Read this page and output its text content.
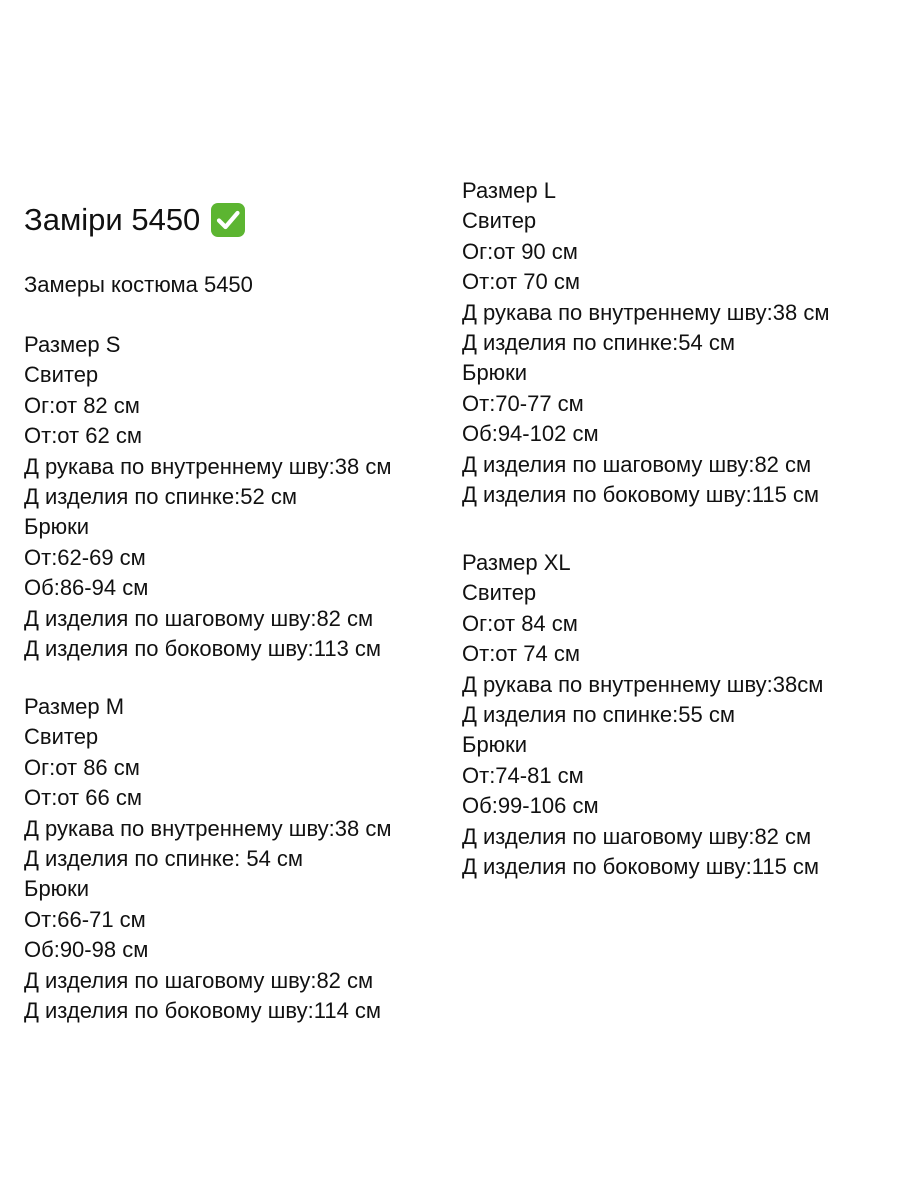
Заміри 5450
Замеры костюма 5450
Размер S
Свитер
Ог:от 82 см
От:от 62 см
Д рукава по внутреннему шву:38 см
Д изделия по спинке:52 см
Брюки
От:62-69 см
Об:86-94 см
Д изделия по шаговому шву:82 см
Д изделия по боковому шву:113 см
Размер M
Свитер
Ог:от 86 см
От:от 66 см
Д рукава по внутреннему шву:38 см
Д изделия по спинке: 54 см
Брюки
От:66-71 см
Об:90-98 см
Д изделия по шаговому шву:82 см
Д изделия по боковому шву:114 см
Размер L
Свитер
Ог:от 90 см
От:от 70 см
Д рукава по внутреннему шву:38 см
Д изделия по спинке:54 см
Брюки
От:70-77 см
Об:94-102 см
Д изделия по шаговому шву:82 см
Д изделия по боковому шву:115 см
Размер XL
Свитер
Ог:от 84 см
От:от 74 см
Д рукава по внутреннему шву:38см
Д изделия по спинке:55 см
Брюки
От:74-81 см
Об:99-106 см
Д изделия по шаговому шву:82 см
Д изделия по боковому шву:115 см
